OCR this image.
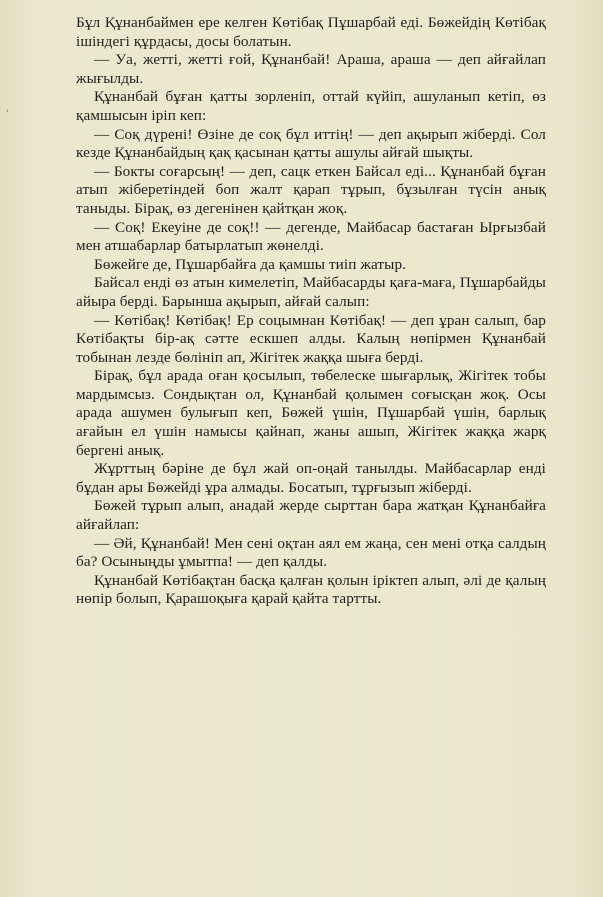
,

Бұл Құнанбаймен ере келген Көтібақ Пұшарбай еді. Бөжейдің Көтібақ ішіндегі құрдасы, досы болатын.

— Уа, жетті, жетті ғой, Құнанбай! Араша, араша — деп айғайлап жығылды.

Құнанбай бұған қатты зорленіп, оттай күйіп, ашуланып кетіп, өз қамшысын іріп кеп:

— Соқ дүрені! Өзіне де соқ бұл иттің! — деп ақырып жіберді. Сол кезде Құнанбайдың қақ қасынан қатты ашулы айғай шықты.

— Бокты соғарсың! — деп, сацк еткен Байсал еді... Құнанбай бұған атып жіберетіндей боп жалт қарап тұрып, бұзылған түсін анық таныды. Бірақ, өз дегенінен қайтқан жоқ.

— Соқ! Екеуіне де соқ!! — дегенде, Майбасар бастаған Ырғызбай мен атшабарлар батырлатып жөнелді.

Бөжейге де, Пұшарбайға да қамшы тиіп жатыр.

Байсал енді өз атын кимелетіп, Майбасарды қаға-маға, Пұшарбайды айыра берді. Барынша ақырып, айғай салып:

— Көтібақ! Көтібақ! Ер соцымнан Көтібақ! — деп ұран салып, бар Көтібақты бір-ақ сәтте ескшеп алды. Калың нөпірмен Құнанбай тобынан лезде бөлініп ап, Жігітек жаққа шыға берді.

Бірақ, бұл арада оған қосылып, төбелеске шығарлық, Жігітек тобы мардымсыз. Сондықтан ол, Құнанбай қолымен соғысқан жоқ. Осы арада ашумен булығып кеп, Бөжей үшін, Пұшарбай үшін, барлық ағайын ел үшін намысы қайнап, жаны ашып, Жігітек жаққа жарқ бергені анық.

Жұрттың бәріне де бұл жай оп-оңай танылды. Майбасарлар енді бұдан ары Бөжейді ұра алмады. Босатып, тұрғызып жіберді.

Бөжей тұрып алып, анадай жерде сырттан бара жатқан Құнанбайға айғайлап:

— Әй, Құнанбай! Мен сені оқтан аял ем жаңа, сен мені отқа салдың ба? Осыныңды ұмытпа! — деп қалды.

Құнанбай Көтібақтан басқа қалған қолын іріктеп алып, әлі де қалың нөпір болып, Қарашоқыға қарай қайта тартты.
